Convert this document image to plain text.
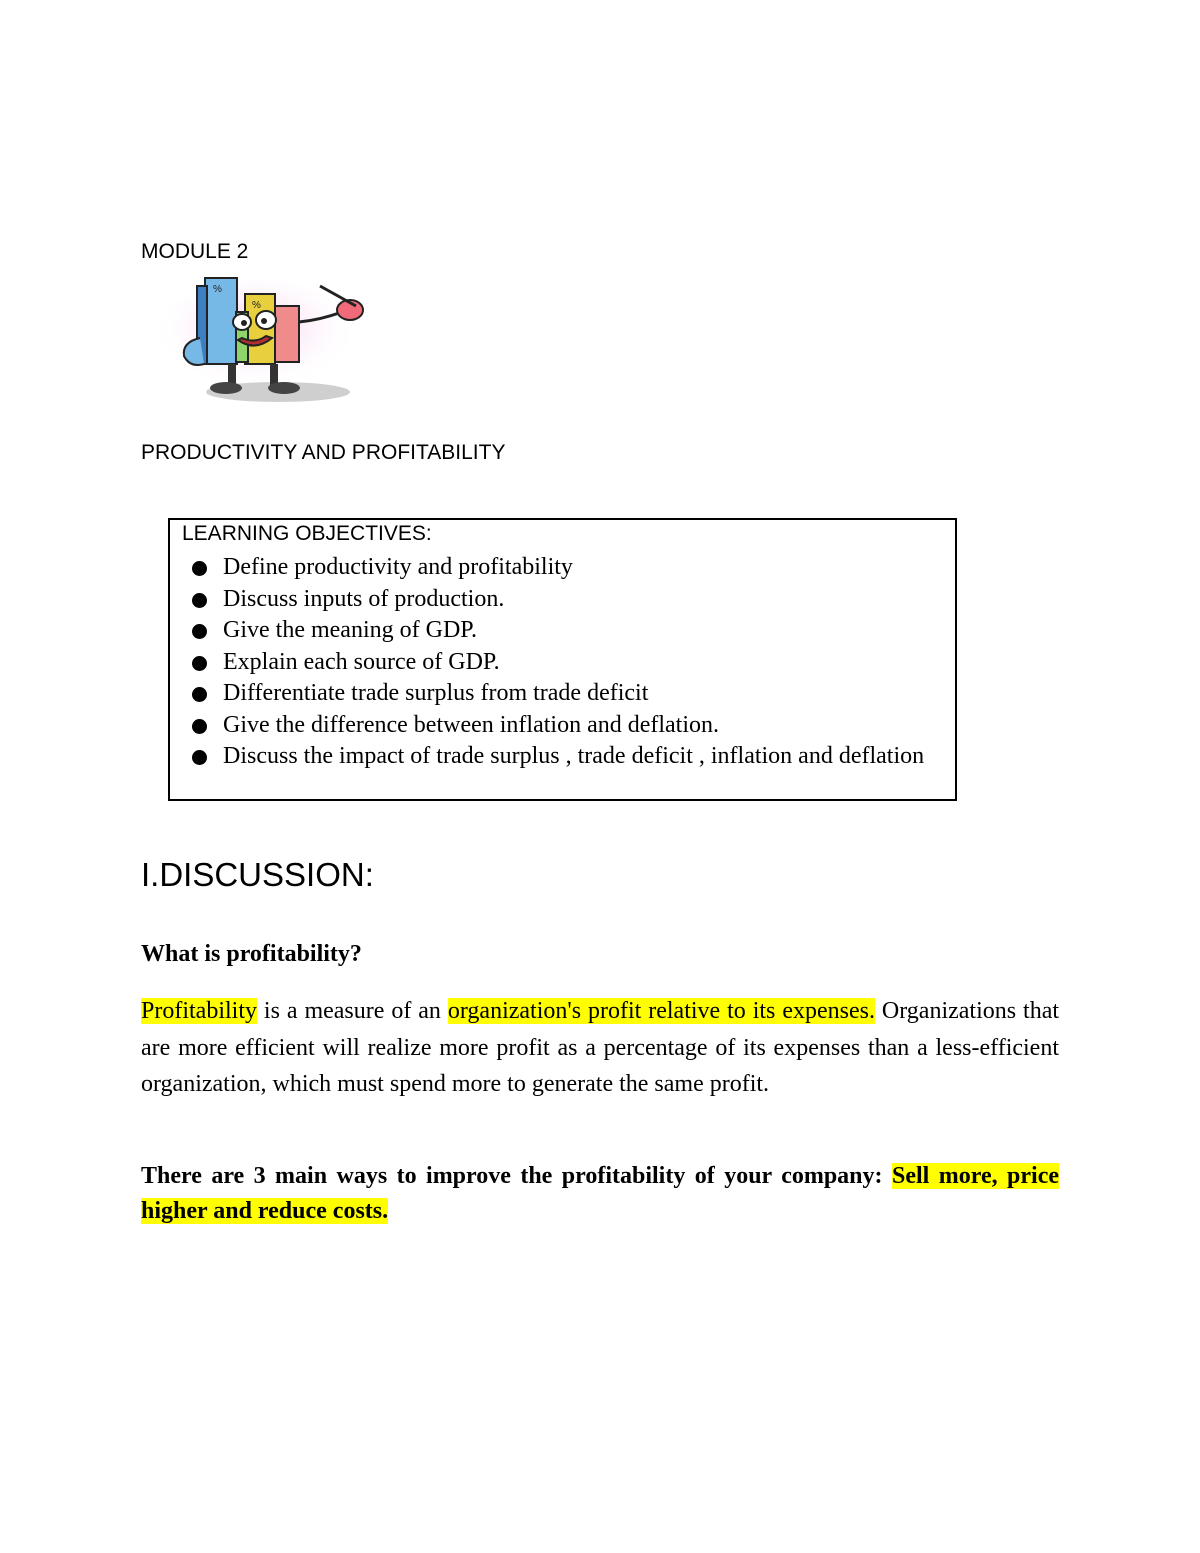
MODULE 2
%
%
PRODUCTIVITY AND PROFITABILITY
LEARNING OBJECTIVES:
Define productivity and profitability
Discuss inputs of production.
Give the meaning of GDP.
Explain each source of GDP.
Differentiate trade surplus from trade deficit
Give the difference between inflation and deflation.
Discuss the impact of trade surplus , trade deficit , inflation and deflation
I.DISCUSSION:
What is profitability?

Profitability is a measure of an organization's profit relative to its expenses. Organizations that are more efficient will realize more profit as a percentage of its expenses than a less-efficient organization, which must spend more to generate the same profit.

There are 3 main ways to improve the profitability of your company: Sell more, price higher and reduce costs.
